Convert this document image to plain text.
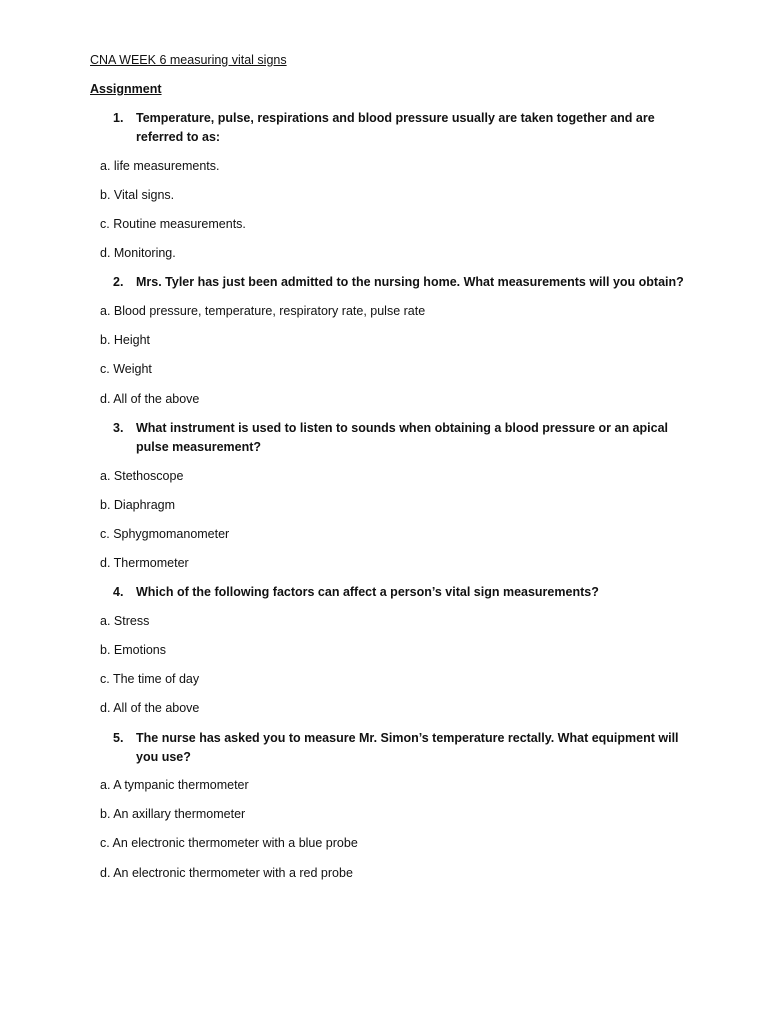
CNA WEEK 6 measuring vital signs
Assignment
1. Temperature, pulse, respirations and blood pressure usually are taken together and are referred to as:
a. life measurements.
b. Vital signs.
c. Routine measurements.
d. Monitoring.
2. Mrs. Tyler has just been admitted to the nursing home. What measurements will you obtain?
a. Blood pressure, temperature, respiratory rate, pulse rate
b. Height
c. Weight
d. All of the above
3. What instrument is used to listen to sounds when obtaining a blood pressure or an apical pulse measurement?
a. Stethoscope
b. Diaphragm
c. Sphygmomanometer
d. Thermometer
4. Which of the following factors can affect a person’s vital sign measurements?
a. Stress
b. Emotions
c. The time of day
d. All of the above
5. The nurse has asked you to measure Mr. Simon’s temperature rectally. What equipment will you use?
a. A tympanic thermometer
b. An axillary thermometer
c. An electronic thermometer with a blue probe
d. An electronic thermometer with a red probe
